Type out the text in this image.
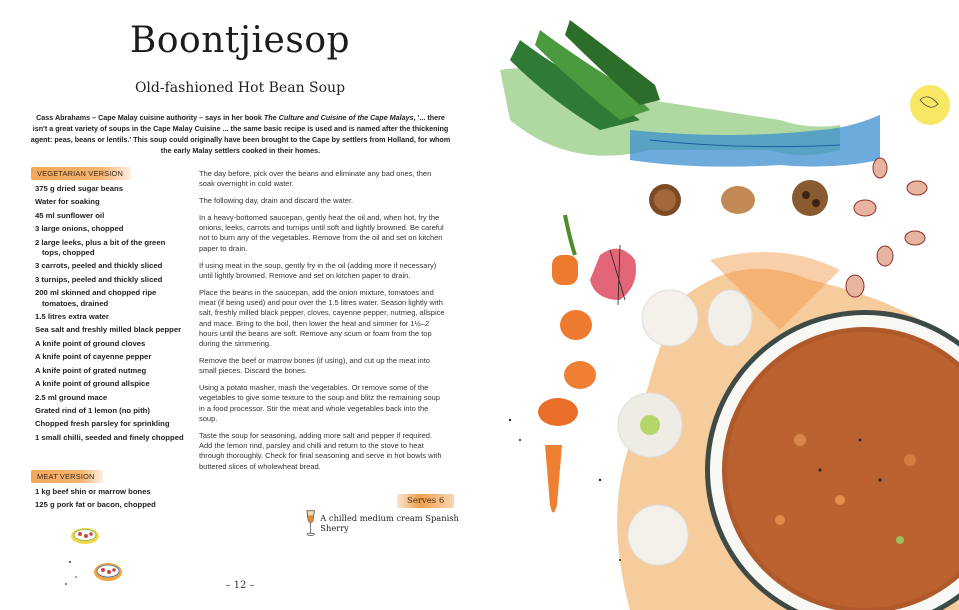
Boontjiesop
Old-fashioned Hot Bean Soup
Cass Abrahams – Cape Malay cuisine authority – says in her book The Culture and Cuisine of the Cape Malays, '... there isn't a great variety of soups in the Cape Malay Cuisine ... the same basic recipe is used and is named after the thickening agent: peas, beans or lentils.' This soup could originally have been brought to the Cape by settlers from Holland, for whom the early Malay settlers cooked in their homes.
VEGETARIAN VERSION
375 g dried sugar beans
Water for soaking
45 ml sunflower oil
3 large onions, chopped
2 large leeks, plus a bit of the green tops, chopped
3 carrots, peeled and thickly sliced
3 turnips, peeled and thickly sliced
200 ml skinned and chopped ripe tomatoes, drained
1.5 litres extra water
Sea salt and freshly milled black pepper
A knife point of ground cloves
A knife point of cayenne pepper
A knife point of grated nutmeg
A knife point of ground allspice
2.5 ml ground mace
Grated rind of 1 lemon (no pith)
Chopped fresh parsley for sprinkling
1 small chilli, seeded and finely chopped
MEAT VERSION
1 kg beef shin or marrow bones
125 g pork fat or bacon, chopped

The day before, pick over the beans and eliminate any bad ones, then soak overnight in cold water.

The following day, drain and discard the water.

In a heavy-bottomed saucepan, gently heat the oil and, when hot, fry the onions, leeks, carrots and turnips until soft and lightly browned. Be careful not to burn any of the vegetables. Remove from the oil and set on kitchen paper to drain.

If using meat in the soup, gently fry in the oil (adding more if necessary) until lightly browned. Remove and set on kitchen paper to drain.

Place the beans in the saucepan, add the onion mixture, tomatoes and meat (if being used) and pour over the 1.5 litres water. Season lightly with salt, freshly milled black pepper, cloves, cayenne pepper, nutmeg, allspice and mace. Bring to the boil, then lower the heat and simmer for 1½–2 hours until the beans are soft. Remove any scum or foam from the top during the simmering.

Remove the beef or marrow bones (if using), and cut up the meat into small pieces. Discard the bones.

Using a potato masher, mash the vegetables. Or remove some of the vegetables to give some texture to the soup and blitz the remaining soup in a food processor. Stir the meat and whole vegetables back into the soup.

Taste the soup for seasoning, adding more salt and pepper if required. Add the lemon rind, parsley and chilli and return to the stove to heat through thoroughly. Check for final seasoning and serve in hot bowls with buttered slices of wholewheat bread.

Serves 6
A chilled medium cream Spanish Sherry
– 12 –
